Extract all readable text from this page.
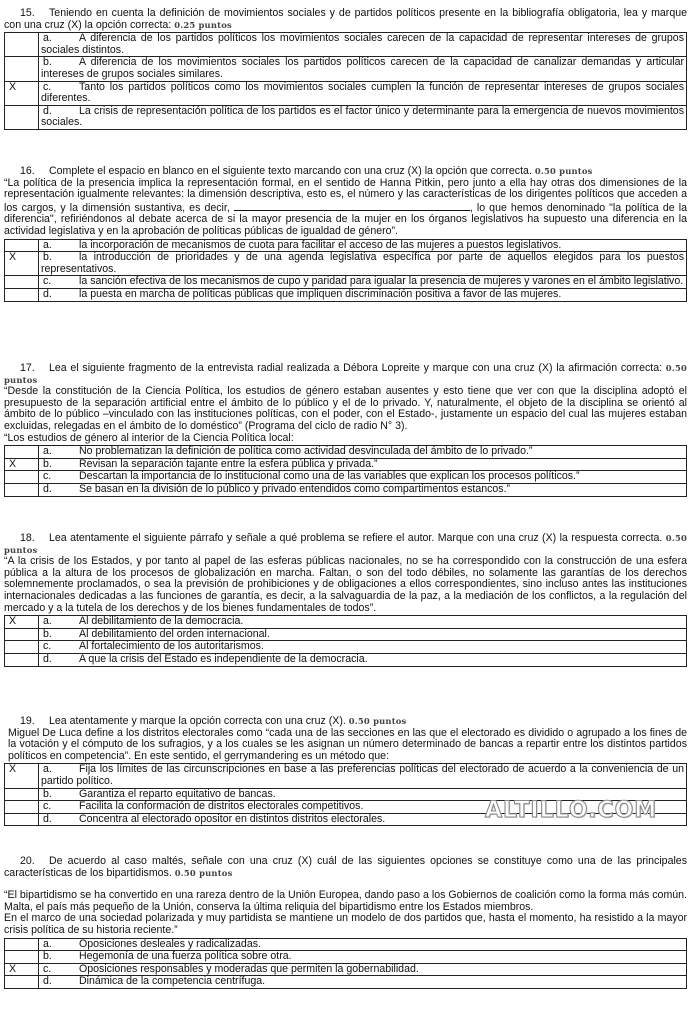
15. Teniendo en cuenta la definición de movimientos sociales y de partidos políticos presente en la bibliografía obligatoria, lea y marque con una cruz (X) la opción correcta: 0.25 puntos

	a. A diferencia de los partidos políticos los movimientos sociales carecen de la capacidad de representar intereses de grupos sociales distintos.
	b. A diferencia de los movimientos sociales los partidos políticos carecen de la capacidad de canalizar demandas y articular intereses de grupos sociales similares.
X	c. Tanto los partidos políticos como los movimientos sociales cumplen la función de representar intereses de grupos sociales diferentes.
	d. La crisis de representación política de los partidos es el factor único y determinante para la emergencia de nuevos movimientos sociales.

16. Complete el espacio en blanco en el siguiente texto marcando con una cruz (X) la opción que correcta. 0.50 puntos

“La política de la presencia implica la representación formal, en el sentido de Hanna Pitkin, pero junto a ella hay otras dos dimensiones de la representación igualmente relevantes: la dimensión descriptiva, esto es, el número y las características de los dirigentes políticos que acceden a los cargos, y la dimensión sustantiva, es decir,	, lo que hemos denominado "la política de la diferencia", refiriéndonos al debate acerca de si la mayor presencia de la mujer en los órganos legislativos ha supuesto una diferencia en la actividad legislativa y en la aprobación de políticas públicas de igualdad de género”.

	a. la incorporación de mecanismos de cuota para facilitar el acceso de las mujeres a puestos legislativos.
X	b. la introducción de prioridades y de una agenda legislativa específica por parte de aquellos elegidos para los puestos representativos.
	c. la sanción efectiva de los mecanismos de cupo y paridad para igualar la presencia de mujeres y varones en el ámbito legislativo.
	d. la puesta en marcha de políticas públicas que impliquen discriminación positiva a favor de las mujeres.

17. Lea el siguiente fragmento de la entrevista radial realizada a Débora Lopreite y marque con una cruz (X) la afirmación correcta: 0.50 puntos

“Desde la constitución de la Ciencia Política, los estudios de género estaban ausentes y esto tiene que ver con que la disciplina adoptó el presupuesto de la separación artificial entre el ámbito de lo público y el de lo privado. Y, naturalmente, el objeto de la disciplina se orientó al ámbito de lo público –vinculado con las instituciones políticas, con el poder, con el Estado-, justamente un espacio del cual las mujeres estaban excluidas, relegadas en el ámbito de lo doméstico” (Programa del ciclo de radio N° 3).

“Los estudios de género al interior de la Ciencia Política local:

	a. No problematizan la definición de política como actividad desvinculada del ámbito de lo privado.”
X	b. Revisan la separación tajante entre la esfera pública y privada.”
	c. Descartan la importancia de lo institucional como una de las variables que explican los procesos políticos.”
	d. Se basan en la división de lo público y privado entendidos como compartimentos estancos.”

18. Lea atentamente el siguiente párrafo y señale a qué problema se refiere el autor. Marque con una cruz (X) la respuesta correcta. 0.50 puntos

“A la crisis de los Estados, y por tanto al papel de las esferas públicas nacionales, no se ha correspondido con la construcción de una esfera pública a la altura de los procesos de globalización en marcha. Faltan, o son del todo débiles, no solamente las garantías de los derechos solemnemente proclamados, o sea la previsión de prohibiciones y de obligaciones a ellos correspondientes, sino incluso antes las instituciones internacionales dedicadas a las funciones de garantía, es decir, a la salvaguardia de la paz, a la mediación de los conflictos, a la regulación del mercado y a la tutela de los derechos y de los bienes fundamentales de todos”.

X	a. Al debilitamiento de la democracia.
	b. Al debilitamiento del orden internacional.
	c. Al fortalecimiento de los autoritarismos.
	d. A que la crisis del Estado es independiente de la democracia.

19. Lea atentamente y marque la opción correcta con una cruz (X). 0.50 puntos

Miguel De Luca define a los distritos electorales como “cada una de las secciones en las que el electorado es dividido o agrupado a los fines de la votación y el cómputo de los sufragios, y a los cuales se les asignan un número determinado de bancas a repartir entre los distintos partidos políticos en competencia”. En este sentido, el gerrymandering es un método que:

X	a. Fija los límites de las circunscripciones en base a las preferencias políticas del electorado de acuerdo a la conveniencia de un partido político.
	b. Garantiza el reparto equitativo de bancas.
	c. Facilita la conformación de distritos electorales competitivos.
	d. Concentra al electorado opositor en distintos distritos electorales.	ALTILLO.COM

20. De acuerdo al caso maltés, señale con una cruz (X) cuál de las siguientes opciones se constituye como una de las principales características de los bipartidismos. 0.50 puntos

“El bipartidismo se ha convertido en una rareza dentro de la Unión Europea, dando paso a los Gobiernos de coalición como la forma más común. Malta, el país más pequeño de la Unión, conserva la última reliquia del bipartidismo entre los Estados miembros.

En el marco de una sociedad polarizada y muy partidista se mantiene un modelo de dos partidos que, hasta el momento, ha resistido a la mayor crisis política de su historia reciente.”

	a. Oposiciones desleales y radicalizadas.
	b. Hegemonía de una fuerza política sobre otra.
X	c. Oposiciones responsables y moderadas que permiten la gobernabilidad.
	d. Dinámica de la competencia centrífuga.
